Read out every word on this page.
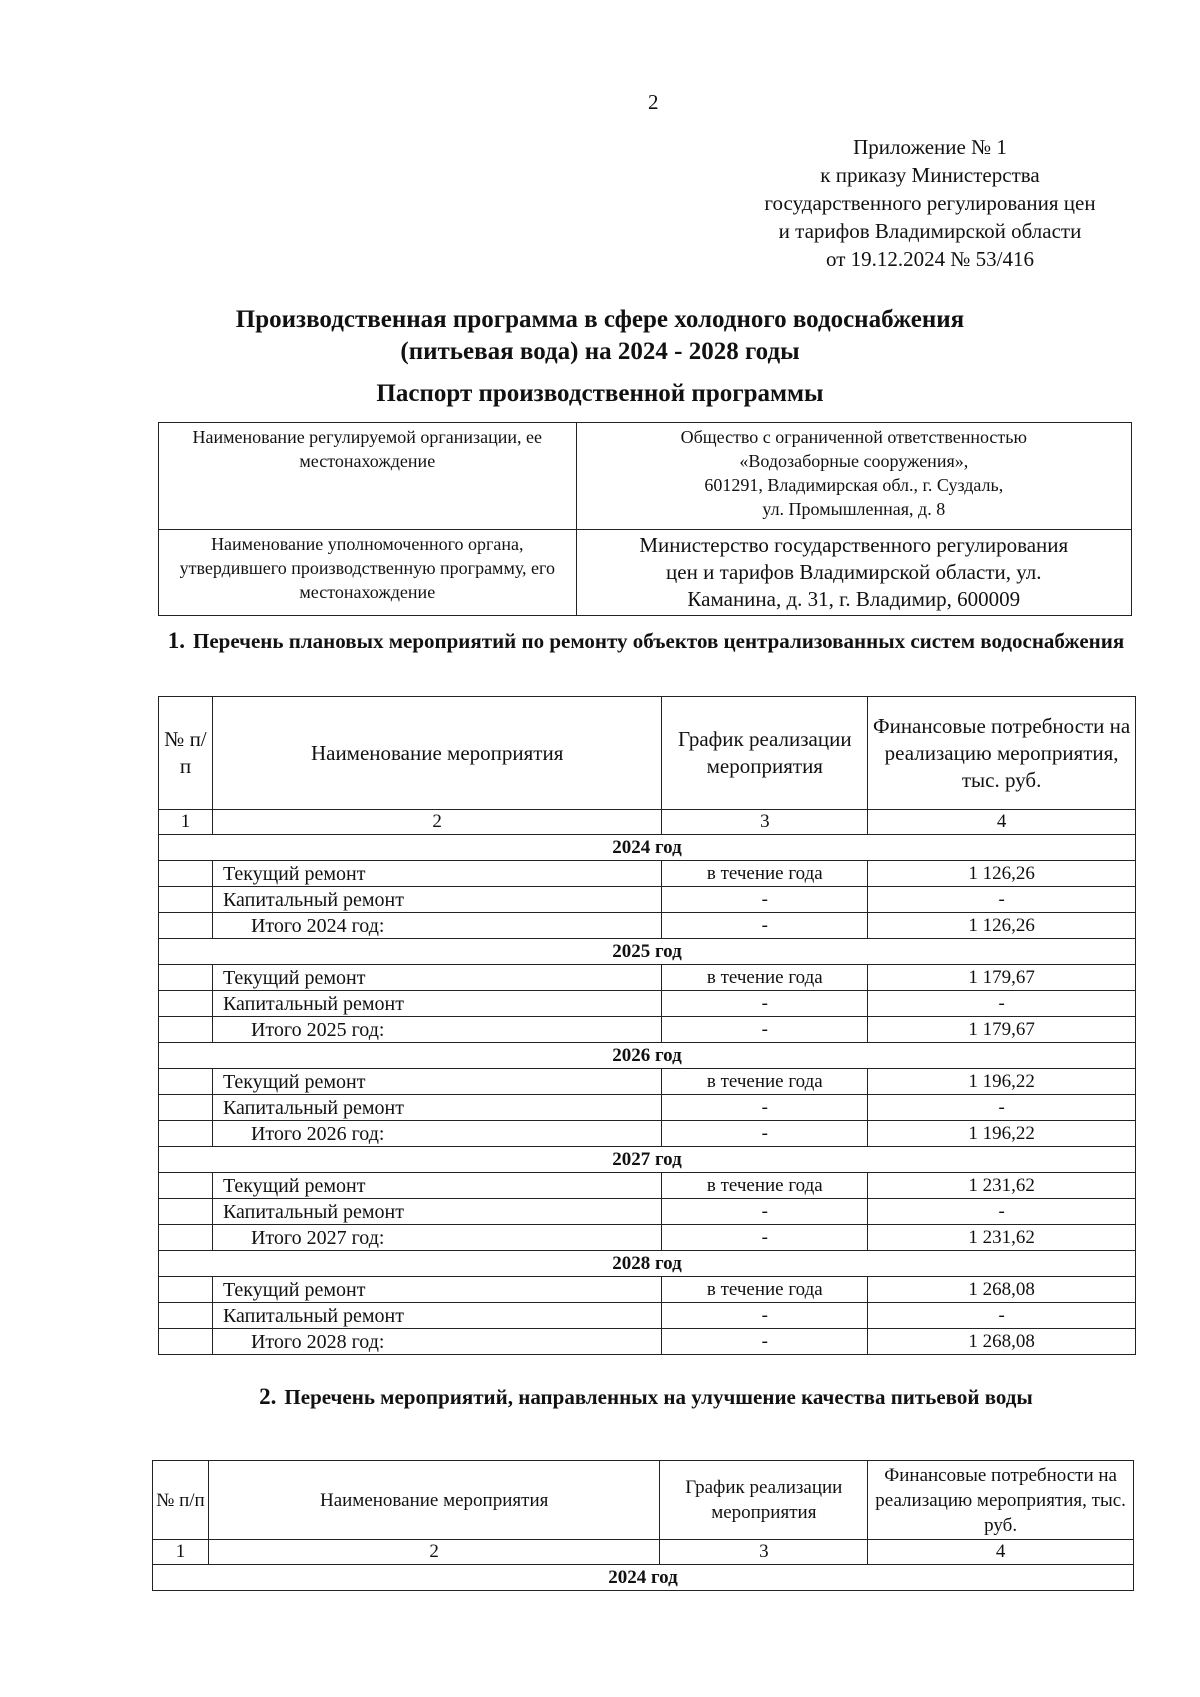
2
Приложение № 1
к приказу Министерства
государственного регулирования цен
и тарифов Владимирской области
от 19.12.2024 № 53/416
Производственная программа в сфере холодного водоснабжения
(питьевая вода) на 2024 - 2028 годы
Паспорт производственной программы
Наименование регулируемой организации, ее местонахождение	Общество с ограниченной ответственностью
«Водозаборные сооружения»,
601291, Владимирская обл., г. Суздаль,
ул. Промышленная, д. 8

Наименование уполномоченного органа, утвердившего производственную программу, его местонахождение	Министерство государственного регулирования
цен и тарифов Владимирской области, ул.
Каманина, д. 31, г. Владимир, 600009
1. Перечень плановых мероприятий по ремонту объектов централизованных систем водоснабжения
№ п/п	Наименование мероприятия	График реализации мероприятия	Финансовые потребности на реализацию мероприятия, тыс. руб.
1	2	3	4
2024 год			
	Текущий ремонт	в течение года	1 126,26
	Капитальный ремонт	-	-
	Итого 2024 год:	-	1 126,26
2025 год			
	Текущий ремонт	в течение года	1 179,67
	Капитальный ремонт	-	-
	Итого 2025 год:	-	1 179,67
2026 год			
	Текущий ремонт	в течение года	1 196,22
	Капитальный ремонт	-	-
	Итого 2026 год:	-	1 196,22
2027 год			
	Текущий ремонт	в течение года	1 231,62
	Капитальный ремонт	-	-
	Итого 2027 год:	-	1 231,62
2028 год			
	Текущий ремонт	в течение года	1 268,08
	Капитальный ремонт	-	-
	Итого 2028 год:	-	1 268,08
2. Перечень мероприятий, направленных на улучшение качества питьевой воды
№ п/п	Наименование мероприятия	График реализации мероприятия	Финансовые потребности на реализацию мероприятия, тыс. руб.
1	2	3	4
2024 год			
